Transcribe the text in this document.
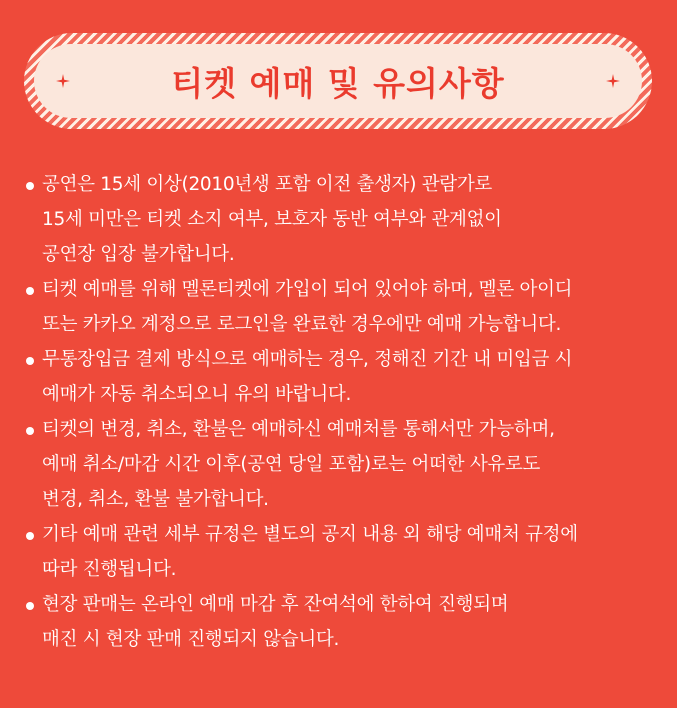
티켓 예매 및 유의사항
공연은 15세 이상(2010년생 포함 이전 출생자) 관람가로
15세 미만은 티켓 소지 여부, 보호자 동반 여부와 관계없이
공연장 입장 불가합니다.
티켓 예매를 위해 멜론티켓에 가입이 되어 있어야 하며, 멜론 아이디
또는 카카오 계정으로 로그인을 완료한 경우에만 예매 가능합니다.
무통장입금 결제 방식으로 예매하는 경우, 정해진 기간 내 미입금 시
예매가 자동 취소되오니 유의 바랍니다.
티켓의 변경, 취소, 환불은 예매하신 예매처를 통해서만 가능하며,
예매 취소/마감 시간 이후(공연 당일 포함)로는 어떠한 사유로도
변경, 취소, 환불 불가합니다.
기타 예매 관련 세부 규정은 별도의 공지 내용 외 해당 예매처 규정에
따라 진행됩니다.
현장 판매는 온라인 예매 마감 후 잔여석에 한하여 진행되며
매진 시 현장 판매 진행되지 않습니다.
